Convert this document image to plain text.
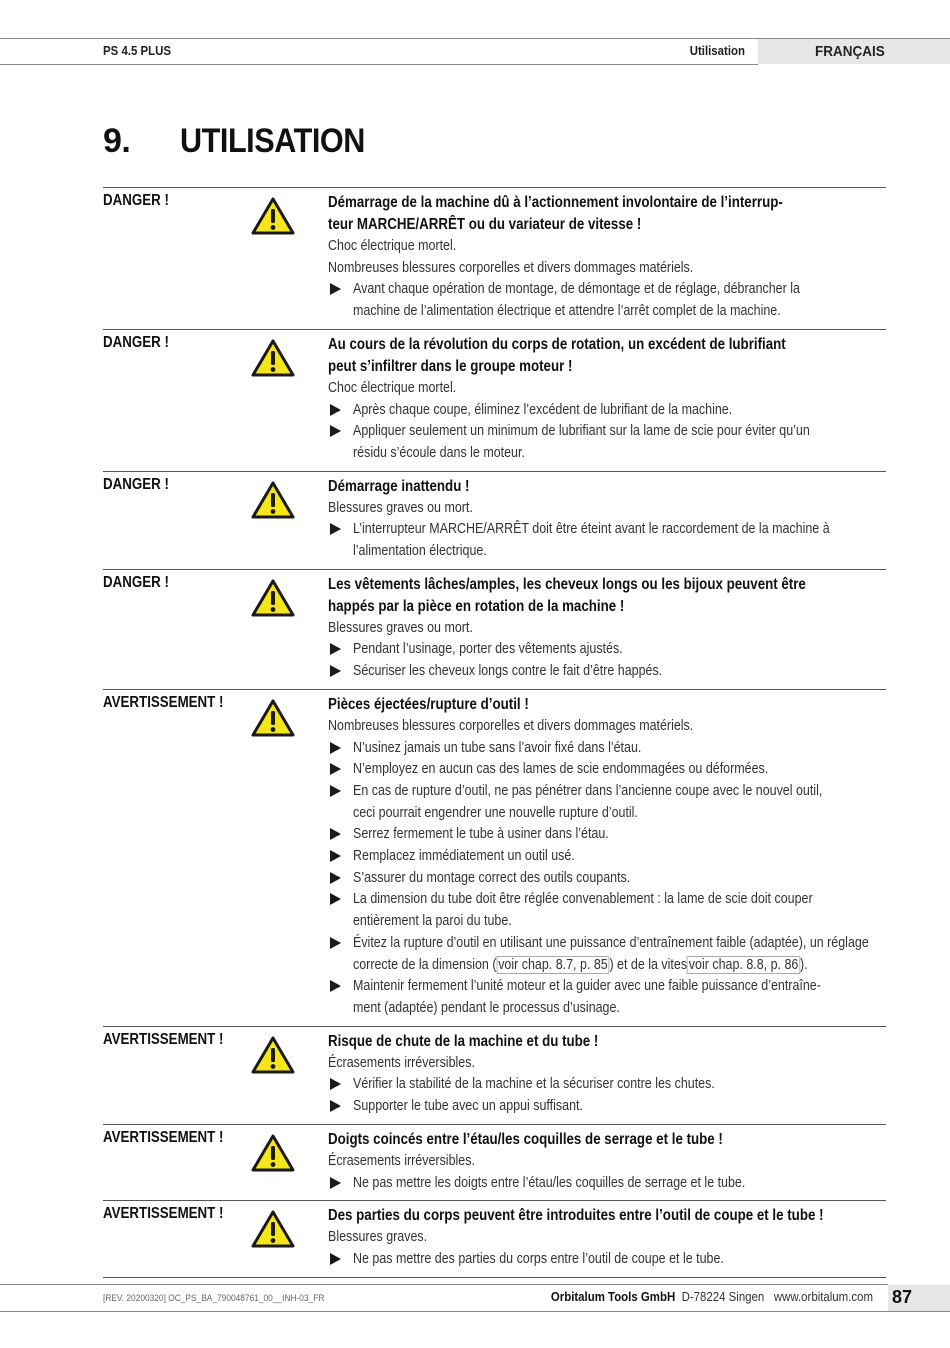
PS 4.5 PLUS	Utilisation	FRANÇAIS
9. UTILISATION
DANGER !	Démarrage de la machine dû à l’actionnement involontaire de l’interrup-
teur MARCHE/ARRÊT ou du variateur de vitesse !
Choc électrique mortel.
Nombreuses blessures corporelles et divers dommages matériels.
Avant chaque opération de montage, de démontage et de réglage, débrancher la
machine de l’alimentation électrique et attendre l’arrêt complet de la machine.
DANGER !	Au cours de la révolution du corps de rotation, un excédent de lubrifiant
peut s’infiltrer dans le groupe moteur !
Choc électrique mortel.
Après chaque coupe, éliminez l’excédent de lubrifiant de la machine.
Appliquer seulement un minimum de lubrifiant sur la lame de scie pour éviter qu’un
résidu s’écoule dans le moteur.
DANGER !	Démarrage inattendu !
Blessures graves ou mort.
L’interrupteur MARCHE/ARRÊT doit être éteint avant le raccordement de la machine à
l’alimentation électrique.
DANGER !	Les vêtements lâches/amples, les cheveux longs ou les bijoux peuvent être
happés par la pièce en rotation de la machine !
Blessures graves ou mort.
Pendant l’usinage, porter des vêtements ajustés.
Sécuriser les cheveux longs contre le fait d’être happés.
AVERTISSEMENT !	Pièces éjectées/rupture d’outil !
Nombreuses blessures corporelles et divers dommages matériels.
N’usinez jamais un tube sans l’avoir fixé dans l’étau.
N’employez en aucun cas des lames de scie endommagées ou déformées.
En cas de rupture d’outil, ne pas pénétrer dans l’ancienne coupe avec le nouvel outil,
ceci pourrait engendrer une nouvelle rupture d’outil.
Serrez fermement le tube à usiner dans l’étau.
Remplacez immédiatement un outil usé.
S’assurer du montage correct des outils coupants.
La dimension du tube doit être réglée convenablement : la lame de scie doit couper
entièrement la paroi du tube.
Évitez la rupture d’outil en utilisant une puissance d’entraînement faible (adaptée), un réglage
correcte de la dimension ( voir chap. 8.7, p. 85 ) et de la vites voir chap. 8.8, p. 86 ).
Maintenir fermement l’unité moteur et la guider avec une faible puissance d’entraîne-
ment (adaptée) pendant le processus d’usinage.
AVERTISSEMENT !	Risque de chute de la machine et du tube !
Écrasements irréversibles.
Vérifier la stabilité de la machine et la sécuriser contre les chutes.
Supporter le tube avec un appui suffisant.
AVERTISSEMENT !	Doigts coincés entre l’étau/les coquilles de serrage et le tube !
Écrasements irréversibles.
Ne pas mettre les doigts entre l’étau/les coquilles de serrage et le tube.
AVERTISSEMENT !	Des parties du corps peuvent être introduites entre l’outil de coupe et le tube !
Blessures graves.
Ne pas mettre des parties du corps entre l’outil de coupe et le tube.
[REV. 20200320] OC_PS_BA_790048761_00__INH-03_FR	Orbitalum Tools GmbH D-78224 Singen www.orbitalum.com 87
